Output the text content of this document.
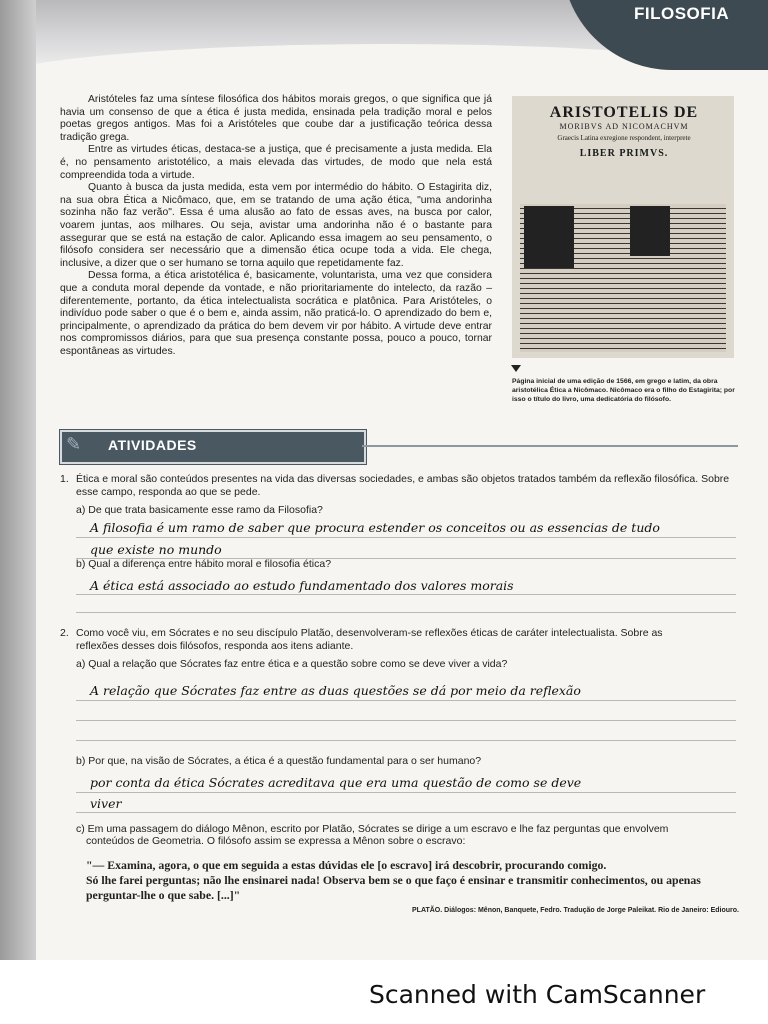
FILOSOFIA

Aristóteles faz uma síntese filosófica dos hábitos morais gregos, o que significa que já havia um consenso de que a ética é justa medida, ensinada pela tradição moral e pelos poetas gregos antigos. Mas foi a Aristóteles que coube dar a justificação teórica dessa tradição grega.

Entre as virtudes éticas, destaca-se a justiça, que é precisamente a justa medida. Ela é, no pensamento aristotélico, a mais elevada das virtudes, de modo que nela está compreendida toda a virtude.

Quanto à busca da justa medida, esta vem por intermédio do hábito. O Estagirita diz, na sua obra Ética a Nicômaco, que, em se tratando de uma ação ética, "uma andorinha sozinha não faz verão". Essa é uma alusão ao fato de essas aves, na busca por calor, voarem juntas, aos milhares. Ou seja, avistar uma andorinha não é o bastante para assegurar que se está na estação de calor. Aplicando essa imagem ao seu pensamento, o filósofo considera ser necessário que a dimensão ética ocupe toda a vida. Ele chega, inclusive, a dizer que o ser humano se torna aquilo que repetidamente faz.

Dessa forma, a ética aristotélica é, basicamente, voluntarista, uma vez que considera que a conduta moral depende da vontade, e não prioritariamente do intelecto, da razão – diferentemente, portanto, da ética intelectualista socrática e platônica. Para Aristóteles, o indivíduo pode saber o que é o bem e, ainda assim, não praticá-lo. O aprendizado do bem e, principalmente, o aprendizado da prática do bem devem vir por hábito. A virtude deve entrar nos compromissos diários, para que sua presença constante possa, pouco a pouco, tornar espontâneas as virtudes.

ARISTOTELIS DE
MORIBVS AD NICOMACHVM
Graecis Latina exregione respondent, interprete
LIBER PRIMVS.
Página inicial de uma edição de 1566, em grego e latim, da obra aristotélica Ética a Nicômaco. Nicômaco era o filho do Estagirita; por isso o título do livro, uma dedicatória do filósofo.
✎	ATIVIDADES
1. Ética e moral são conteúdos presentes na vida das diversas sociedades, e ambas são objetos tratados também da reflexão filosófica. Sobre
esse campo, responda ao que se pede.
a) De que trata basicamente esse ramo da Filosofia?
A filosofia é um ramo de saber que procura estender os conceitos ou as essencias de tudo
que existe no mundo
b) Qual a diferença entre hábito moral e filosofia ética?
A ética está associado ao estudo fundamentado dos valores morais
2. Como você viu, em Sócrates e no seu discípulo Platão, desenvolveram-se reflexões éticas de caráter intelectualista. Sobre as
reflexões desses dois filósofos, responda aos itens adiante.
a) Qual a relação que Sócrates faz entre ética e a questão sobre como se deve viver a vida?
A relação que Sócrates faz entre as duas questões se dá por meio da reflexão
b) Por que, na visão de Sócrates, a ética é a questão fundamental para o ser humano?
por conta da ética Sócrates acreditava que era uma questão de como se deve
viver
c) Em uma passagem do diálogo Mênon, escrito por Platão, Sócrates se dirige a um escravo e lhe faz perguntas que envolvem
conteúdos de Geometria. O filósofo assim se expressa a Mênon sobre o escravo:
"— Examina, agora, o que em seguida a estas dúvidas ele [o escravo] irá descobrir, procurando comigo.
Só lhe farei perguntas; não lhe ensinarei nada! Observa bem se o que faço é ensinar e transmitir conhecimentos, ou apenas
perguntar-lhe o que sabe. [...]"
PLATÃO. Diálogos: Mênon, Banquete, Fedro. Tradução de Jorge Paleikat. Rio de Janeiro: Ediouro.
Scanned with CamScanner
